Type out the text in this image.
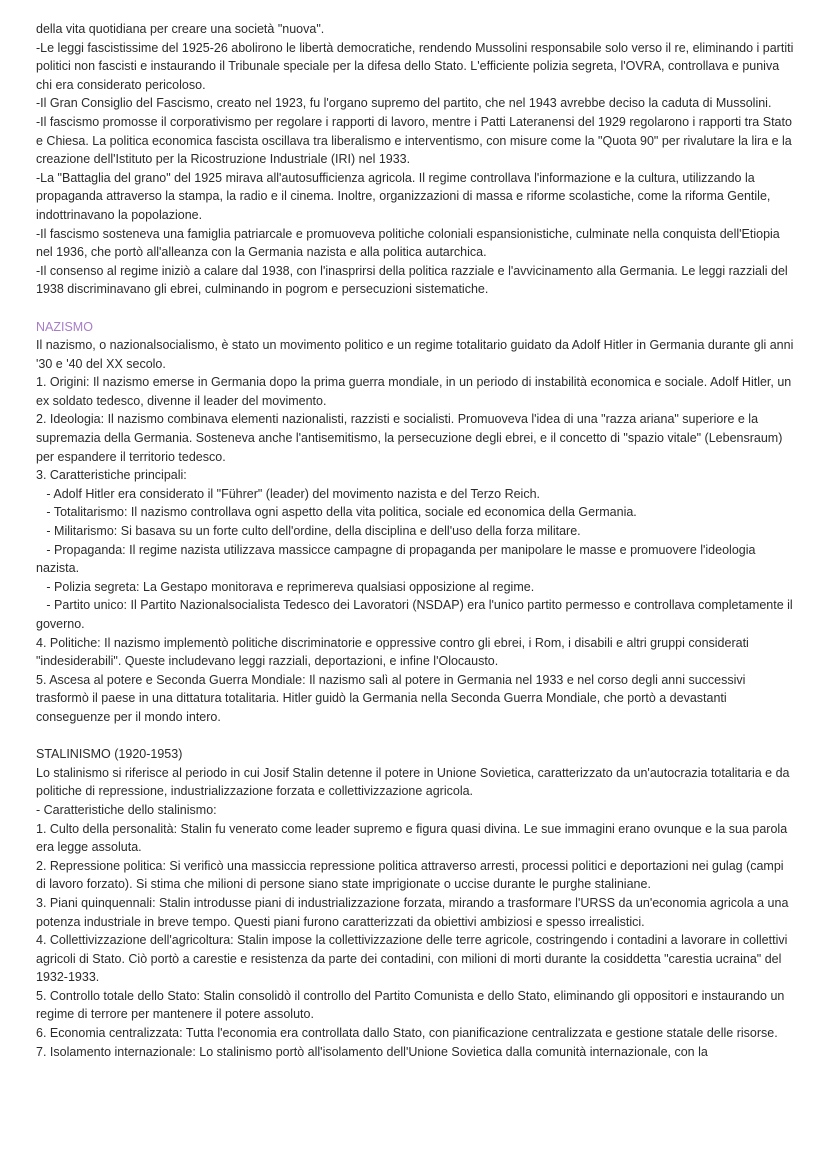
della vita quotidiana per creare una società "nuova".

-Le leggi fascistissime del 1925-26 abolirono le libertà democratiche, rendendo Mussolini responsabile solo verso il re, eliminando i partiti politici non fascisti e instaurando il Tribunale speciale per la difesa dello Stato. L'efficiente polizia segreta, l'OVRA, controllava e puniva chi era considerato pericoloso.

-Il Gran Consiglio del Fascismo, creato nel 1923, fu l'organo supremo del partito, che nel 1943 avrebbe deciso la caduta di Mussolini.

-Il fascismo promosse il corporativismo per regolare i rapporti di lavoro, mentre i Patti Lateranensi del 1929 regolarono i rapporti tra Stato e Chiesa. La politica economica fascista oscillava tra liberalismo e interventismo, con misure come la "Quota 90" per rivalutare la lira e la creazione dell'Istituto per la Ricostruzione Industriale (IRI) nel 1933.

-La "Battaglia del grano" del 1925 mirava all'autosufficienza agricola. Il regime controllava l'informazione e la cultura, utilizzando la propaganda attraverso la stampa, la radio e il cinema. Inoltre, organizzazioni di massa e riforme scolastiche, come la riforma Gentile, indottrinavano la popolazione.

-Il fascismo sosteneva una famiglia patriarcale e promuoveva politiche coloniali espansionistiche, culminate nella conquista dell'Etiopia nel 1936, che portò all'alleanza con la Germania nazista e alla politica autarchica.

-Il consenso al regime iniziò a calare dal 1938, con l'inasprirsi della politica razziale e l'avvicinamento alla Germania. Le leggi razziali del 1938 discriminavano gli ebrei, culminando in pogrom e persecuzioni sistematiche.

NAZISMO

Il nazismo, o nazionalsocialismo, è stato un movimento politico e un regime totalitario guidato da Adolf Hitler in Germania durante gli anni '30 e '40 del XX secolo.

1. Origini: Il nazismo emerse in Germania dopo la prima guerra mondiale, in un periodo di instabilità economica e sociale. Adolf Hitler, un ex soldato tedesco, divenne il leader del movimento.

2. Ideologia: Il nazismo combinava elementi nazionalisti, razzisti e socialisti. Promuoveva l'idea di una "razza ariana" superiore e la supremazia della Germania. Sosteneva anche l'antisemitismo, la persecuzione degli ebrei, e il concetto di "spazio vitale" (Lebensraum) per espandere il territorio tedesco.

3. Caratteristiche principali:

- Adolf Hitler era considerato il "Führer" (leader) del movimento nazista e del Terzo Reich.

- Totalitarismo: Il nazismo controllava ogni aspetto della vita politica, sociale ed economica della Germania.

- Militarismo: Si basava su un forte culto dell'ordine, della disciplina e dell'uso della forza militare.

- Propaganda: Il regime nazista utilizzava massicce campagne di propaganda per manipolare le masse e promuovere l'ideologia nazista.

- Polizia segreta: La Gestapo monitorava e reprimereva qualsiasi opposizione al regime.

- Partito unico: Il Partito Nazionalsocialista Tedesco dei Lavoratori (NSDAP) era l'unico partito permesso e controllava completamente il governo.

4. Politiche: Il nazismo implementò politiche discriminatorie e oppressive contro gli ebrei, i Rom, i disabili e altri gruppi considerati "indesiderabili". Queste includevano leggi razziali, deportazioni, e infine l'Olocausto.

5. Ascesa al potere e Seconda Guerra Mondiale: Il nazismo salì al potere in Germania nel 1933 e nel corso degli anni successivi trasformò il paese in una dittatura totalitaria. Hitler guidò la Germania nella Seconda Guerra Mondiale, che portò a devastanti conseguenze per il mondo intero.

STALINISMO (1920-1953)

Lo stalinismo si riferisce al periodo in cui Josif Stalin detenne il potere in Unione Sovietica, caratterizzato da un'autocrazia totalitaria e da politiche di repressione, industrializzazione forzata e collettivizzazione agricola.

- Caratteristiche dello stalinismo:

1. Culto della personalità: Stalin fu venerato come leader supremo e figura quasi divina. Le sue immagini erano ovunque e la sua parola era legge assoluta.

2. Repressione politica: Si verificò una massiccia repressione politica attraverso arresti, processi politici e deportazioni nei gulag (campi di lavoro forzato). Si stima che milioni di persone siano state imprigionate o uccise durante le purghe staliniane.

3. Piani quinquennali: Stalin introdusse piani di industrializzazione forzata, mirando a trasformare l'URSS da un'economia agricola a una potenza industriale in breve tempo. Questi piani furono caratterizzati da obiettivi ambiziosi e spesso irrealistici.

4. Collettivizzazione dell'agricoltura: Stalin impose la collettivizzazione delle terre agricole, costringendo i contadini a lavorare in collettivi agricoli di Stato. Ciò portò a carestie e resistenza da parte dei contadini, con milioni di morti durante la cosiddetta "carestia ucraina" del 1932-1933.

5. Controllo totale dello Stato: Stalin consolidò il controllo del Partito Comunista e dello Stato, eliminando gli oppositori e instaurando un regime di terrore per mantenere il potere assoluto.

6. Economia centralizzata: Tutta l'economia era controllata dallo Stato, con pianificazione centralizzata e gestione statale delle risorse.

7. Isolamento internazionale: Lo stalinismo portò all'isolamento dell'Unione Sovietica dalla comunità internazionale, con la
